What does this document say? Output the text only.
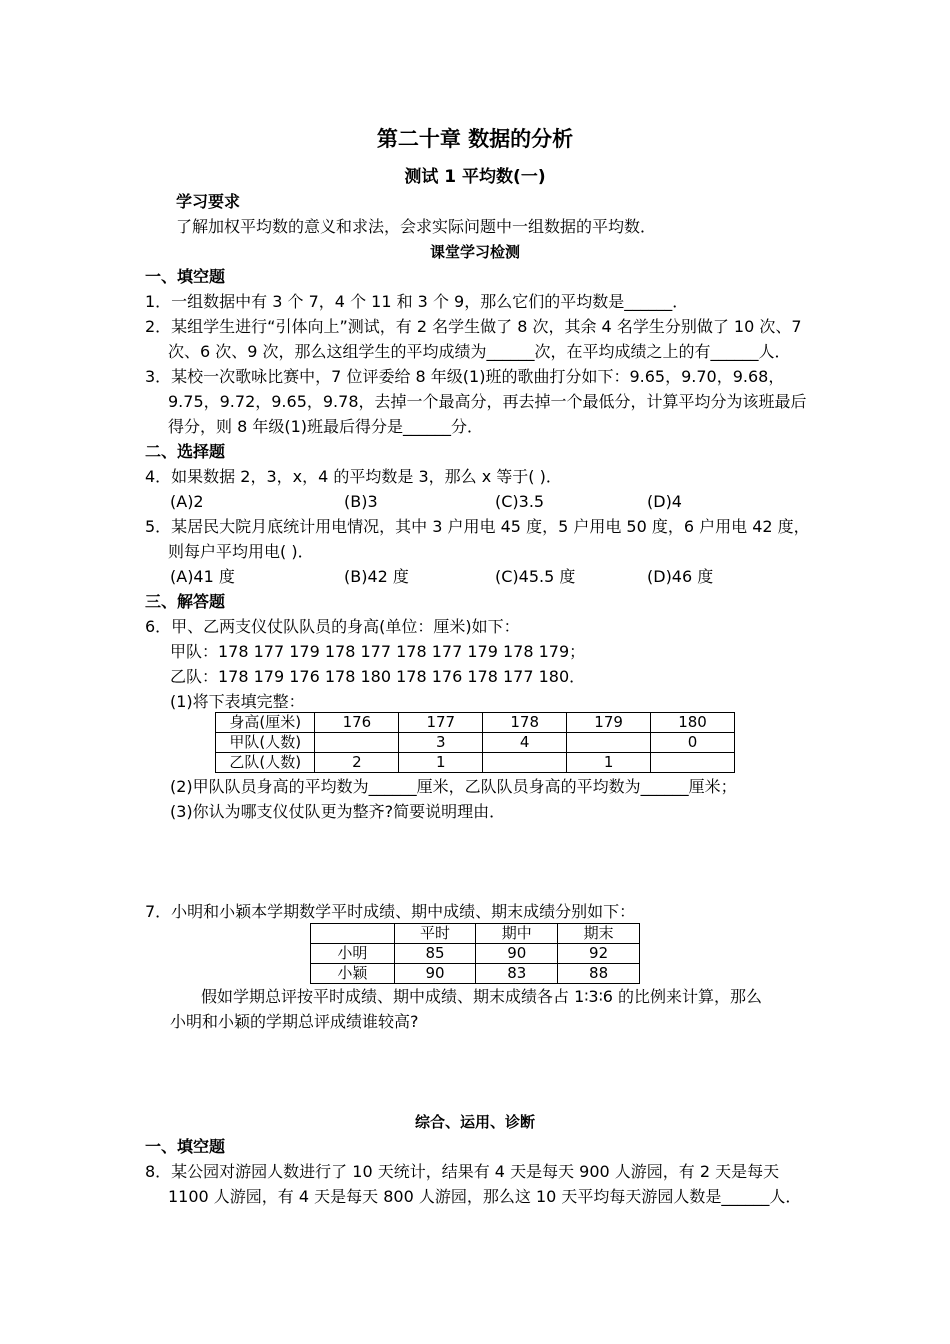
第二十章 数据的分析
测试 1 平均数(一)
学习要求
了解加权平均数的意义和求法，会求实际问题中一组数据的平均数．
课堂学习检测
一、填空题
1．一组数据中有 3 个 7，4 个 11 和 3 个 9，那么它们的平均数是______．
2．某组学生进行“引体向上”测试，有 2 名学生做了 8 次，其余 4 名学生分别做了 10 次、7
次、6 次、9 次，那么这组学生的平均成绩为______次，在平均成绩之上的有______人．
3．某校一次歌咏比赛中，7 位评委给 8 年级(1)班的歌曲打分如下：9.65，9.70，9.68，
9.75，9.72，9.65，9.78，去掉一个最高分，再去掉一个最低分，计算平均分为该班最后
得分，则 8 年级(1)班最后得分是______分．
二、选择题
4．如果数据 2，3，x，4 的平均数是 3，那么 x 等于( )．
(A)2	(B)3	(C)3.5	(D)4
5．某居民大院月底统计用电情况，其中 3 户用电 45 度，5 户用电 50 度，6 户用电 42 度，
则每户平均用电( )．
(A)41 度	(B)42 度	(C)45.5 度	(D)46 度
三、解答题
6．甲、乙两支仪仗队队员的身高(单位：厘米)如下：
甲队：178 177 179 178 177 178 177 179 178 179；
乙队：178 179 176 178 180 178 176 178 177 180．
(1)将下表填完整：
身高(厘米)	176	177	178	179	180
甲队(人数)		3	4		0
乙队(人数)	2	1		1	
(2)甲队队员身高的平均数为______厘米，乙队队员身高的平均数为______厘米；
(3)你认为哪支仪仗队更为整齐?简要说明理由．
7．小明和小颖本学期数学平时成绩、期中成绩、期末成绩分别如下：
	平时	期中	期末
小明	85	90	92
小颖	90	83	88
假如学期总评按平时成绩、期中成绩、期末成绩各占 1∶3∶6 的比例来计算，那么
小明和小颖的学期总评成绩谁较高?
综合、运用、诊断
一、填空题
8．某公园对游园人数进行了 10 天统计，结果有 4 天是每天 900 人游园，有 2 天是每天
1100 人游园，有 4 天是每天 800 人游园，那么这 10 天平均每天游园人数是______人．
